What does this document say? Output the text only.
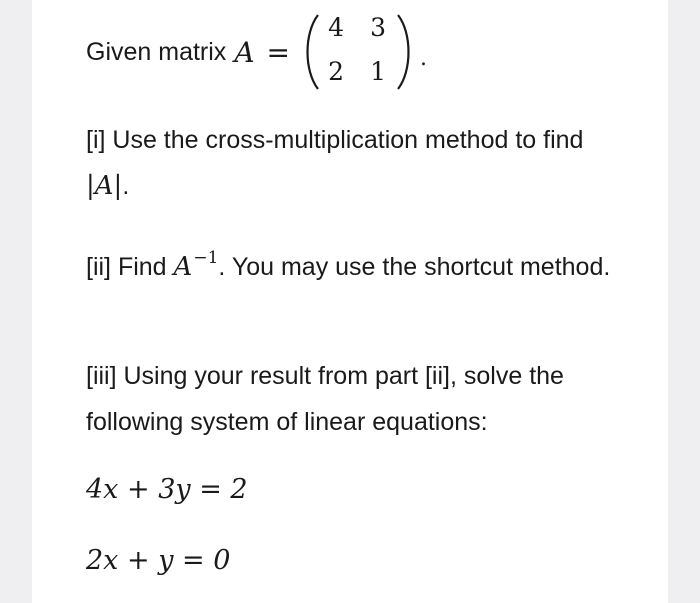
Given matrix A =
4 3
2 1 .
[i] Use the cross-multiplication method to find |A|.
[ii] Find $A^{-1}$. You may use the shortcut method.
[iii] Using your result from part [ii], solve the following system of linear equations:
4x + 3y = 2
2x + y = 0
